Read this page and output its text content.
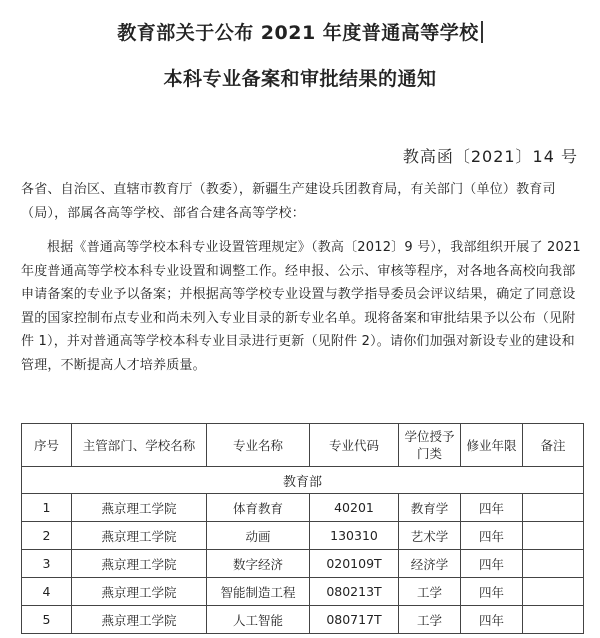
教育部关于公布 2021 年度普通高等学校
本科专业备案和审批结果的通知
教高函〔2021〕14 号
各省、自治区、直辖市教育厅（教委），新疆生产建设兵团教育局，有关部门（单位）教育司（局），部属各高等学校、部省合建各高等学校：
根据《普通高等学校本科专业设置管理规定》（教高〔2012〕9 号），我部组织开展了 2021 年度普通高等学校本科专业设置和调整工作。经申报、公示、审核等程序，对各地各高校向我部申请备案的专业予以备案；并根据高等学校专业设置与教学指导委员会评议结果，确定了同意设置的国家控制布点专业和尚未列入专业目录的新专业名单。现将备案和审批结果予以公布（见附件 1），并对普通高等学校本科专业目录进行更新（见附件 2）。请你们加强对新设专业的建设和管理，不断提高人才培养质量。
序号	主管部门、学校名称	专业名称	专业代码	学位授予门类	修业年限	备注
教育部						
1	燕京理工学院	体育教育	40201	教育学	四年	
2	燕京理工学院	动画	130310	艺术学	四年	
3	燕京理工学院	数字经济	020109T	经济学	四年	
4	燕京理工学院	智能制造工程	080213T	工学	四年	
5	燕京理工学院	人工智能	080717T	工学	四年	
